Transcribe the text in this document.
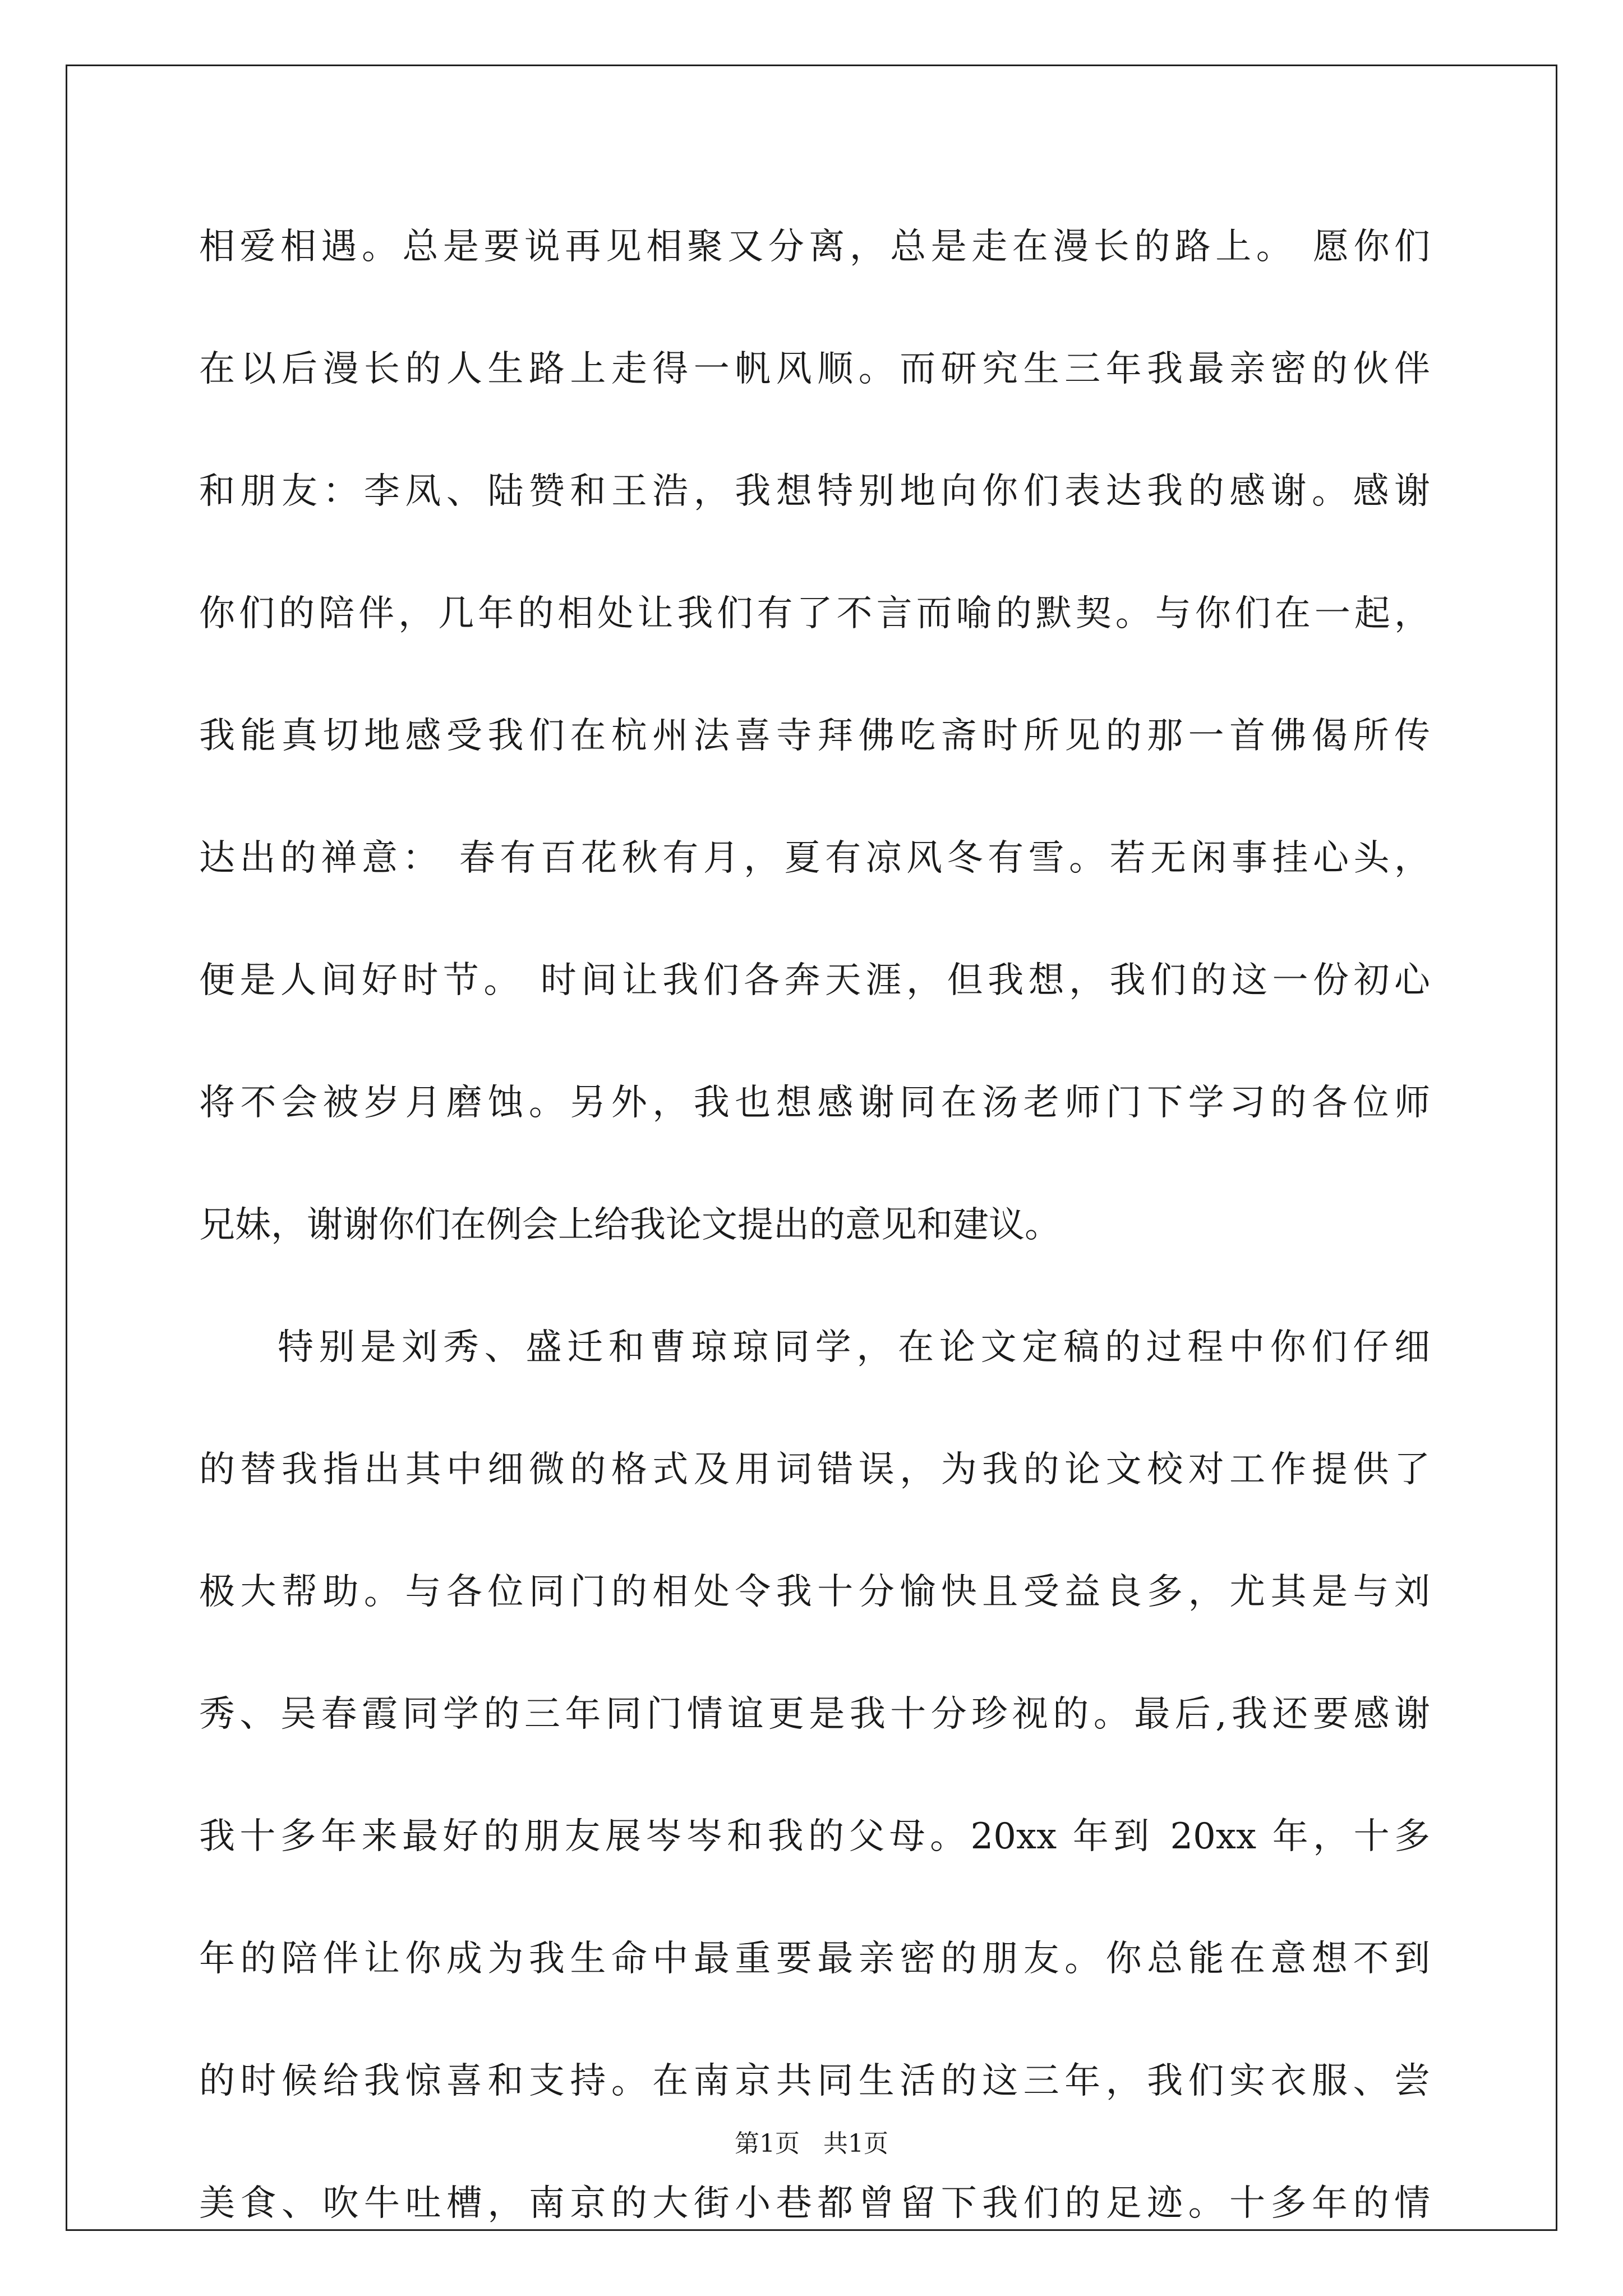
相爱相遇。总是要说再见相聚又分离，总是走在漫长的路上。 愿你们
在以后漫长的人生路上走得一帆风顺。而研究生三年我最亲密的伙伴
和朋友：李凤、陆赞和王浩，我想特别地向你们表达我的感谢。感谢
你们的陪伴，几年的相处让我们有了不言而喻的默契。与你们在一起，
我能真切地感受我们在杭州法喜寺拜佛吃斋时所见的那一首佛偈所传
达出的禅意： 春有百花秋有月，夏有凉风冬有雪。若无闲事挂心头，
便是人间好时节。 时间让我们各奔天涯，但我想，我们的这一份初心
将不会被岁月磨蚀。另外，我也想感谢同在汤老师门下学习的各位师
兄妹，谢谢你们在例会上给我论文提出的意见和建议。
特别是刘秀、盛迁和曹琼琼同学，在论文定稿的过程中你们仔细
的替我指出其中细微的格式及用词错误，为我的论文校对工作提供了
极大帮助。与各位同门的相处令我十分愉快且受益良多，尤其是与刘
秀、吴春霞同学的三年同门情谊更是我十分珍视的。最后,我还要感谢
我十多年来最好的朋友展岑岑和我的父母。20xx 年到 20xx 年，十多
年的陪伴让你成为我生命中最重要最亲密的朋友。你总能在意想不到
的时候给我惊喜和支持。在南京共同生活的这三年，我们实衣服、尝
美食、吹牛吐槽，南京的大街小巷都曾留下我们的足迹。十多年的情
第1页   共1页
